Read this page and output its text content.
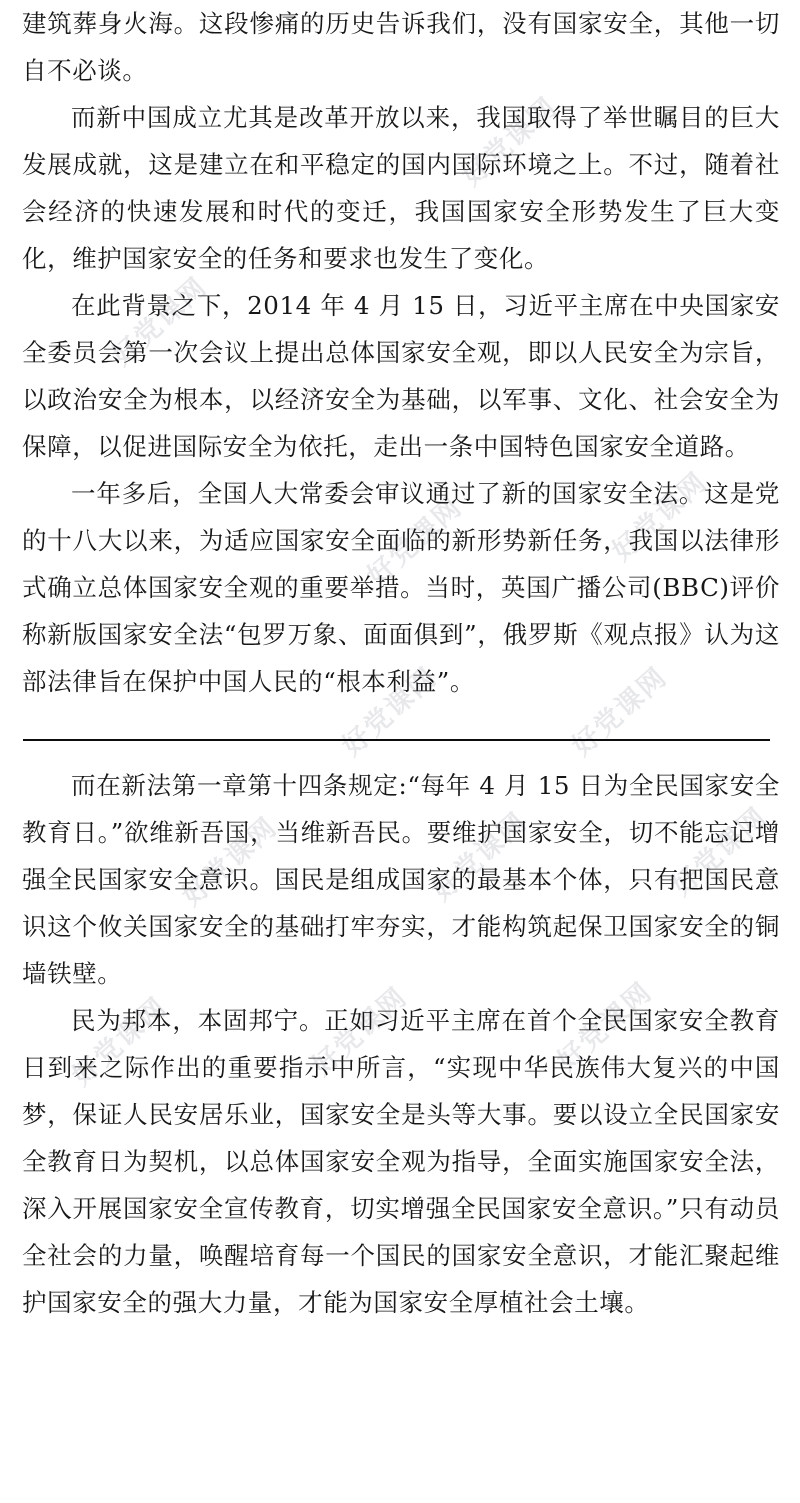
好党课网	好党课网
好党课网	好党课网
好党课网	好党课网	好党课网
好党课网	好党课网	好党课网
好党课网
好党课网

建筑葬身火海。这段惨痛的历史告诉我们，没有国家安全，其他一切自不必谈。

而新中国成立尤其是改革开放以来，我国取得了举世瞩目的巨大发展成就，这是建立在和平稳定的国内国际环境之上。不过，随着社会经济的快速发展和时代的变迁，我国国家安全形势发生了巨大变化，维护国家安全的任务和要求也发生了变化。

在此背景之下，2014 年 4 月 15 日，习近平主席在中央国家安全委员会第一次会议上提出总体国家安全观，即以人民安全为宗旨，以政治安全为根本，以经济安全为基础，以军事、文化、社会安全为保障，以促进国际安全为依托，走出一条中国特色国家安全道路。

一年多后，全国人大常委会审议通过了新的国家安全法。这是党的十八大以来，为适应国家安全面临的新形势新任务，我国以法律形式确立总体国家安全观的重要举措。当时，英国广播公司(BBC)评价称新版国家安全法“包罗万象、面面俱到”，俄罗斯《观点报》认为这部法律旨在保护中国人民的“根本利益”。

而在新法第一章第十四条规定:“每年 4 月 15 日为全民国家安全教育日。”欲维新吾国，当维新吾民。要维护国家安全，切不能忘记增强全民国家安全意识。国民是组成国家的最基本个体，只有把国民意识这个攸关国家安全的基础打牢夯实，才能构筑起保卫国家安全的铜墙铁壁。

民为邦本，本固邦宁。正如习近平主席在首个全民国家安全教育日到来之际作出的重要指示中所言，“实现中华民族伟大复兴的中国梦，保证人民安居乐业，国家安全是头等大事。要以设立全民国家安全教育日为契机，以总体国家安全观为指导，全面实施国家安全法，深入开展国家安全宣传教育，切实增强全民国家安全意识。”只有动员全社会的力量，唤醒培育每一个国民的国家安全意识，才能汇聚起维护国家安全的强大力量，才能为国家安全厚植社会土壤。
